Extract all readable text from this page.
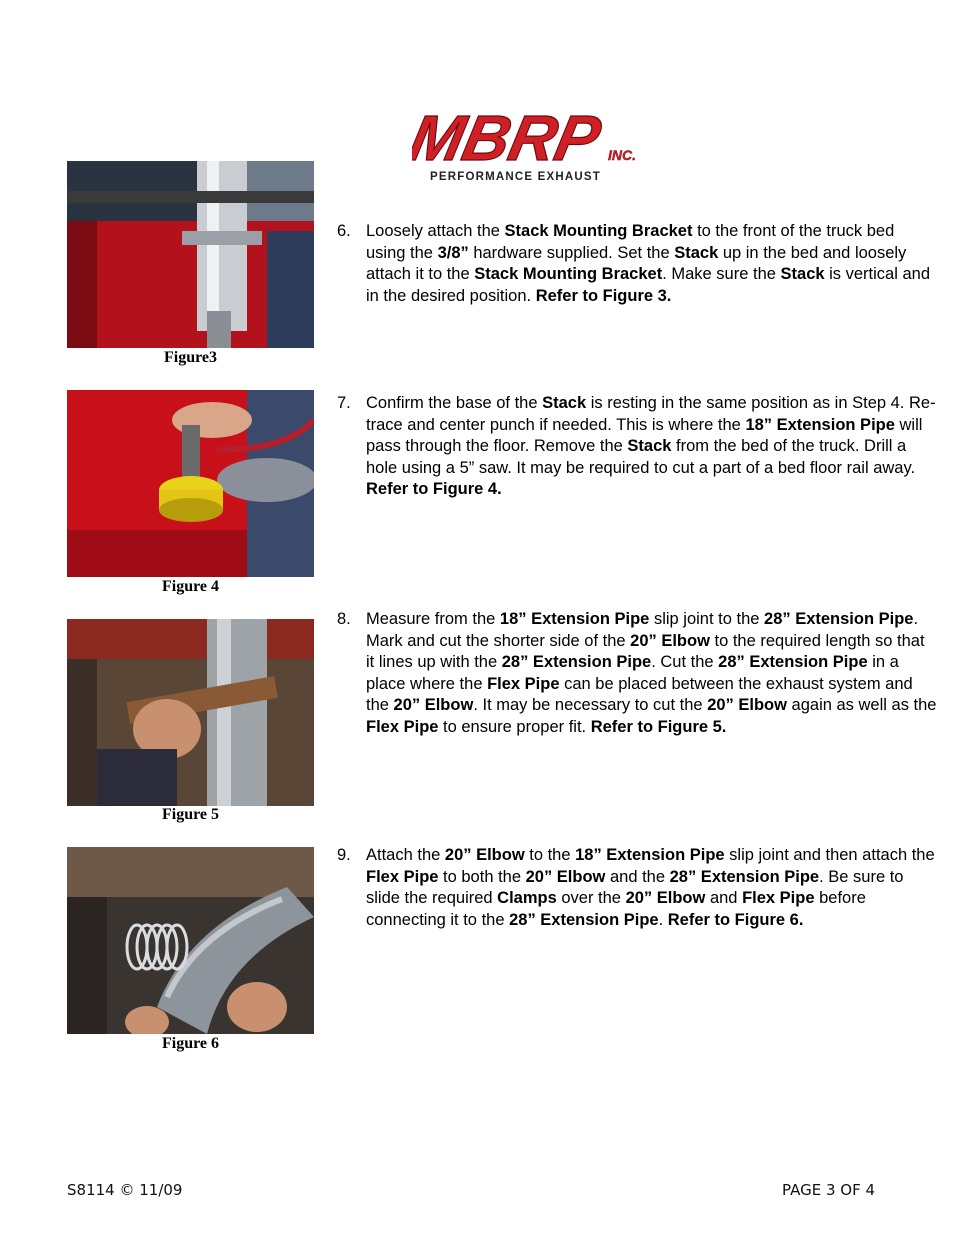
MBRP INC.
PERFORMANCE EXHAUST
Figure3
Figure 4
Figure 5
Figure 6
6. Loosely attach the Stack Mounting Bracket to the front of the truck bed using the 3/8” hardware supplied. Set the Stack up in the bed and loosely attach it to the Stack Mounting Bracket. Make sure the Stack is vertical and in the desired position. Refer to Figure 3.
7. Confirm the base of the Stack is resting in the same position as in Step 4. Re-trace and center punch if needed. This is where the 18” Extension Pipe will pass through the floor. Remove the Stack from the bed of the truck. Drill a hole using a 5” saw. It may be required to cut a part of a bed floor rail away. Refer to Figure 4.
8. Measure from the 18” Extension Pipe slip joint to the 28” Extension Pipe. Mark and cut the shorter side of the 20” Elbow to the required length so that it lines up with the 28” Extension Pipe. Cut the 28” Extension Pipe in a place where the Flex Pipe can be placed between the exhaust system and the 20” Elbow. It may be necessary to cut the 20” Elbow again as well as the Flex Pipe to ensure proper fit. Refer to Figure 5.
9. Attach the 20” Elbow to the 18” Extension Pipe slip joint and then attach the Flex Pipe to both the 20” Elbow and the 28” Extension Pipe. Be sure to slide the required Clamps over the 20” Elbow and Flex Pipe before connecting it to the 28” Extension Pipe. Refer to Figure 6.
S8114 © 11/09	PAGE 3 OF 4
